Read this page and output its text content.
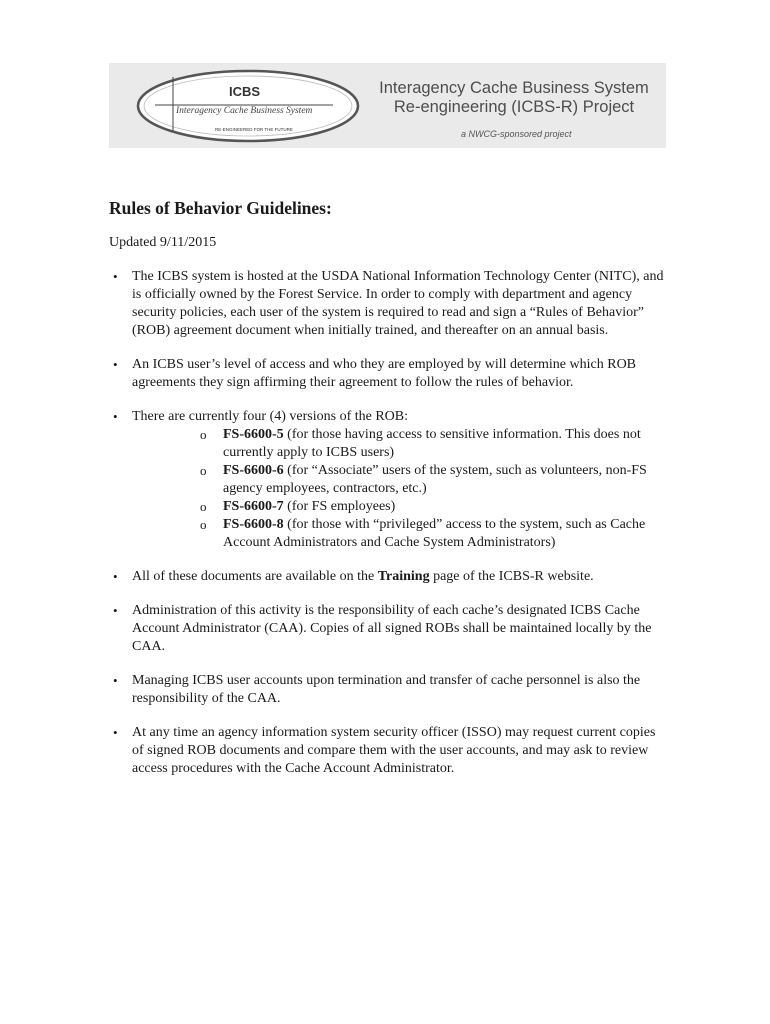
ICBS
Interagency Cache Business System
RE-ENGINEERED FOR THE FUTURE
Interagency Cache Business System
Re-engineering (ICBS-R) Project
a NWCG-sponsored project
Rules of Behavior Guidelines:

Updated 9/11/2015

• The ICBS system is hosted at the USDA National Information Technology Center (NITC), and is officially owned by the Forest Service. In order to comply with department and agency security policies, each user of the system is required to read and sign a “Rules of Behavior” (ROB) agreement document when initially trained, and thereafter on an annual basis.
• An ICBS user’s level of access and who they are employed by will determine which ROB agreements they sign affirming their agreement to follow the rules of behavior.
• There are currently four (4) versions of the ROB:
o FS-6600-5 (for those having access to sensitive information. This does not currently apply to ICBS users)
o FS-6600-6 (for “Associate” users of the system, such as volunteers, non-FS agency employees, contractors, etc.)
o FS-6600-7 (for FS employees)
o FS-6600-8 (for those with “privileged” access to the system, such as Cache Account Administrators and Cache System Administrators)
• All of these documents are available on the Training page of the ICBS-R website.
• Administration of this activity is the responsibility of each cache’s designated ICBS Cache Account Administrator (CAA). Copies of all signed ROBs shall be maintained locally by the CAA.
• Managing ICBS user accounts upon termination and transfer of cache personnel is also the responsibility of the CAA.
• At any time an agency information system security officer (ISSO) may request current copies of signed ROB documents and compare them with the user accounts, and may ask to review access procedures with the Cache Account Administrator.
